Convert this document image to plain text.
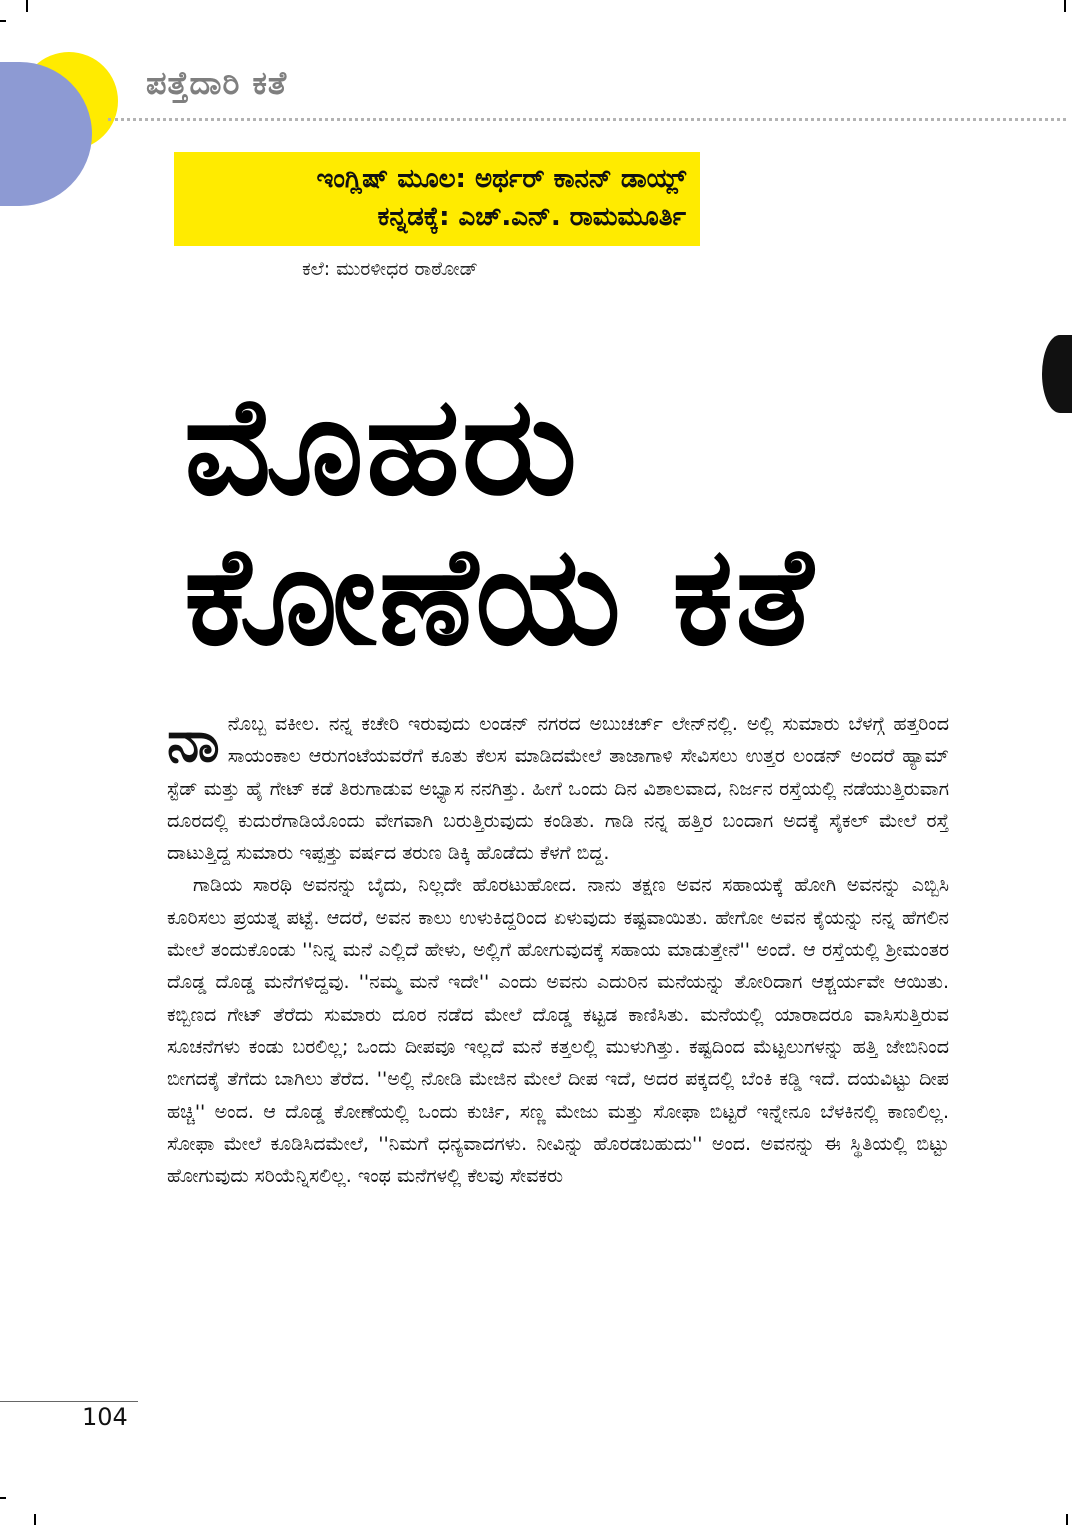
ಪತ್ತೆದಾರಿ ಕತೆ
ಇಂಗ್ಲಿಷ್ ಮೂಲ: ಅರ್ಥರ್ ಕಾನನ್ ಡಾಯ್ಲ್
ಕನ್ನಡಕ್ಕೆ: ಎಚ್.ಎನ್. ರಾಮಮೂರ್ತಿ
ಕಲೆ: ಮುರಳೀಧರ ರಾಠೋಡ್
ಮೊಹರು
ಕೋಣೆಯ ಕತೆ

ನಾ ನೊಬ್ಬ ವಕೀಲ. ನನ್ನ ಕಚೇರಿ ಇರುವುದು ಲಂಡನ್ ನಗರದ ಅಬುಚರ್ಚ್ ಲೇನ್‌ನಲ್ಲಿ. ಅಲ್ಲಿ ಸುಮಾರು ಬೆಳಗ್ಗೆ ಹತ್ತರಿಂದ ಸಾಯಂಕಾಲ ಆರುಗಂಟೆಯವರೆಗೆ ಕೂತು ಕೆಲಸ ಮಾಡಿದಮೇಲೆ ತಾಜಾಗಾಳಿ ಸೇವಿಸಲು ಉತ್ತರ ಲಂಡನ್ ಅಂದರೆ ಹ್ಯಾಮ್ ಸ್ಟೆಡ್ ಮತ್ತು ಹೈ ಗೇಟ್ ಕಡೆ ತಿರುಗಾಡುವ ಅಭ್ಯಾಸ ನನಗಿತ್ತು. ಹೀಗೆ ಒಂದು ದಿನ ವಿಶಾಲವಾದ, ನಿರ್ಜನ ರಸ್ತೆಯಲ್ಲಿ ನಡೆಯುತ್ತಿರುವಾಗ ದೂರದಲ್ಲಿ ಕುದುರೆಗಾಡಿಯೊಂದು ವೇಗವಾಗಿ ಬರುತ್ತಿರುವುದು ಕಂಡಿತು. ಗಾಡಿ ನನ್ನ ಹತ್ತಿರ ಬಂದಾಗ ಅದಕ್ಕೆ ಸೈಕಲ್ ಮೇಲೆ ರಸ್ತೆ ದಾಟುತ್ತಿದ್ದ ಸುಮಾರು ಇಪ್ಪತ್ತು ವರ್ಷದ ತರುಣ ಡಿಕ್ಕಿ ಹೊಡೆದು ಕೆಳಗೆ ಬಿದ್ದ.

ಗಾಡಿಯ ಸಾರಥಿ ಅವನನ್ನು ಬೈದು, ನಿಲ್ಲದೇ ಹೊರಟುಹೋದ. ನಾನು ತಕ್ಷಣ ಅವನ ಸಹಾಯಕ್ಕೆ ಹೋಗಿ ಅವನನ್ನು ಎಬ್ಬಿಸಿ ಕೂರಿಸಲು ಪ್ರಯತ್ನ ಪಟ್ಟೆ. ಆದರೆ, ಅವನ ಕಾಲು ಉಳುಕಿದ್ದರಿಂದ ಏಳುವುದು ಕಷ್ಟವಾಯಿತು. ಹೇಗೋ ಅವನ ಕೈಯನ್ನು ನನ್ನ ಹೆಗಲಿನ ಮೇಲೆ ತಂದುಕೊಂಡು ''ನಿನ್ನ ಮನೆ ಎಲ್ಲಿದೆ ಹೇಳು, ಅಲ್ಲಿಗೆ ಹೋಗುವುದಕ್ಕೆ ಸಹಾಯ ಮಾಡುತ್ತೇನೆ'' ಅಂದೆ. ಆ ರಸ್ತೆಯಲ್ಲಿ ಶ್ರೀಮಂತರ ದೊಡ್ಡ ದೊಡ್ಡ ಮನೆಗಳಿದ್ದವು. ''ನಮ್ಮ ಮನೆ ಇದೇ'' ಎಂದು ಅವನು ಎದುರಿನ ಮನೆಯನ್ನು ತೋರಿದಾಗ ಆಶ್ಚರ್ಯವೇ ಆಯಿತು. ಕಬ್ಬಿಣದ ಗೇಟ್ ತೆರೆದು ಸುಮಾರು ದೂರ ನಡೆದ ಮೇಲೆ ದೊಡ್ಡ ಕಟ್ಟಡ ಕಾಣಿಸಿತು. ಮನೆಯಲ್ಲಿ ಯಾರಾದರೂ ವಾಸಿಸುತ್ತಿರುವ ಸೂಚನೆಗಳು ಕಂಡು ಬರಲಿಲ್ಲ; ಒಂದು ದೀಪವೂ ಇಲ್ಲದೆ ಮನೆ ಕತ್ತಲಲ್ಲಿ ಮುಳುಗಿತ್ತು. ಕಷ್ಟದಿಂದ ಮೆಟ್ಟಲುಗಳನ್ನು ಹತ್ತಿ ಜೇಬಿನಿಂದ ಬೀಗದಕೈ ತೆಗೆದು ಬಾಗಿಲು ತೆರೆದ. ''ಅಲ್ಲಿ ನೋಡಿ ಮೇಜಿನ ಮೇಲೆ ದೀಪ ಇದೆ, ಅದರ ಪಕ್ಕದಲ್ಲಿ ಬೆಂಕಿ ಕಡ್ಡಿ ಇದೆ. ದಯವಿಟ್ಟು ದೀಪ ಹಚ್ಚಿ'' ಅಂದ. ಆ ದೊಡ್ಡ ಕೋಣೆಯಲ್ಲಿ ಒಂದು ಕುರ್ಚಿ, ಸಣ್ಣ ಮೇಜು ಮತ್ತು ಸೋಫಾ ಬಿಟ್ಟರೆ ಇನ್ನೇನೂ ಬೆಳಕಿನಲ್ಲಿ ಕಾಣಲಿಲ್ಲ. ಸೋಫಾ ಮೇಲೆ ಕೂಡಿಸಿದಮೇಲೆ, ''ನಿಮಗೆ ಧನ್ಯವಾದಗಳು. ನೀವಿನ್ನು ಹೊರಡಬಹುದು'' ಅಂದ. ಅವನನ್ನು ಈ ಸ್ಥಿತಿಯಲ್ಲಿ ಬಿಟ್ಟು ಹೋಗುವುದು ಸರಿಯೆನ್ನಿಸಲಿಲ್ಲ. ಇಂಥ ಮನೆಗಳಲ್ಲಿ ಕೆಲವು ಸೇವಕರು

104
